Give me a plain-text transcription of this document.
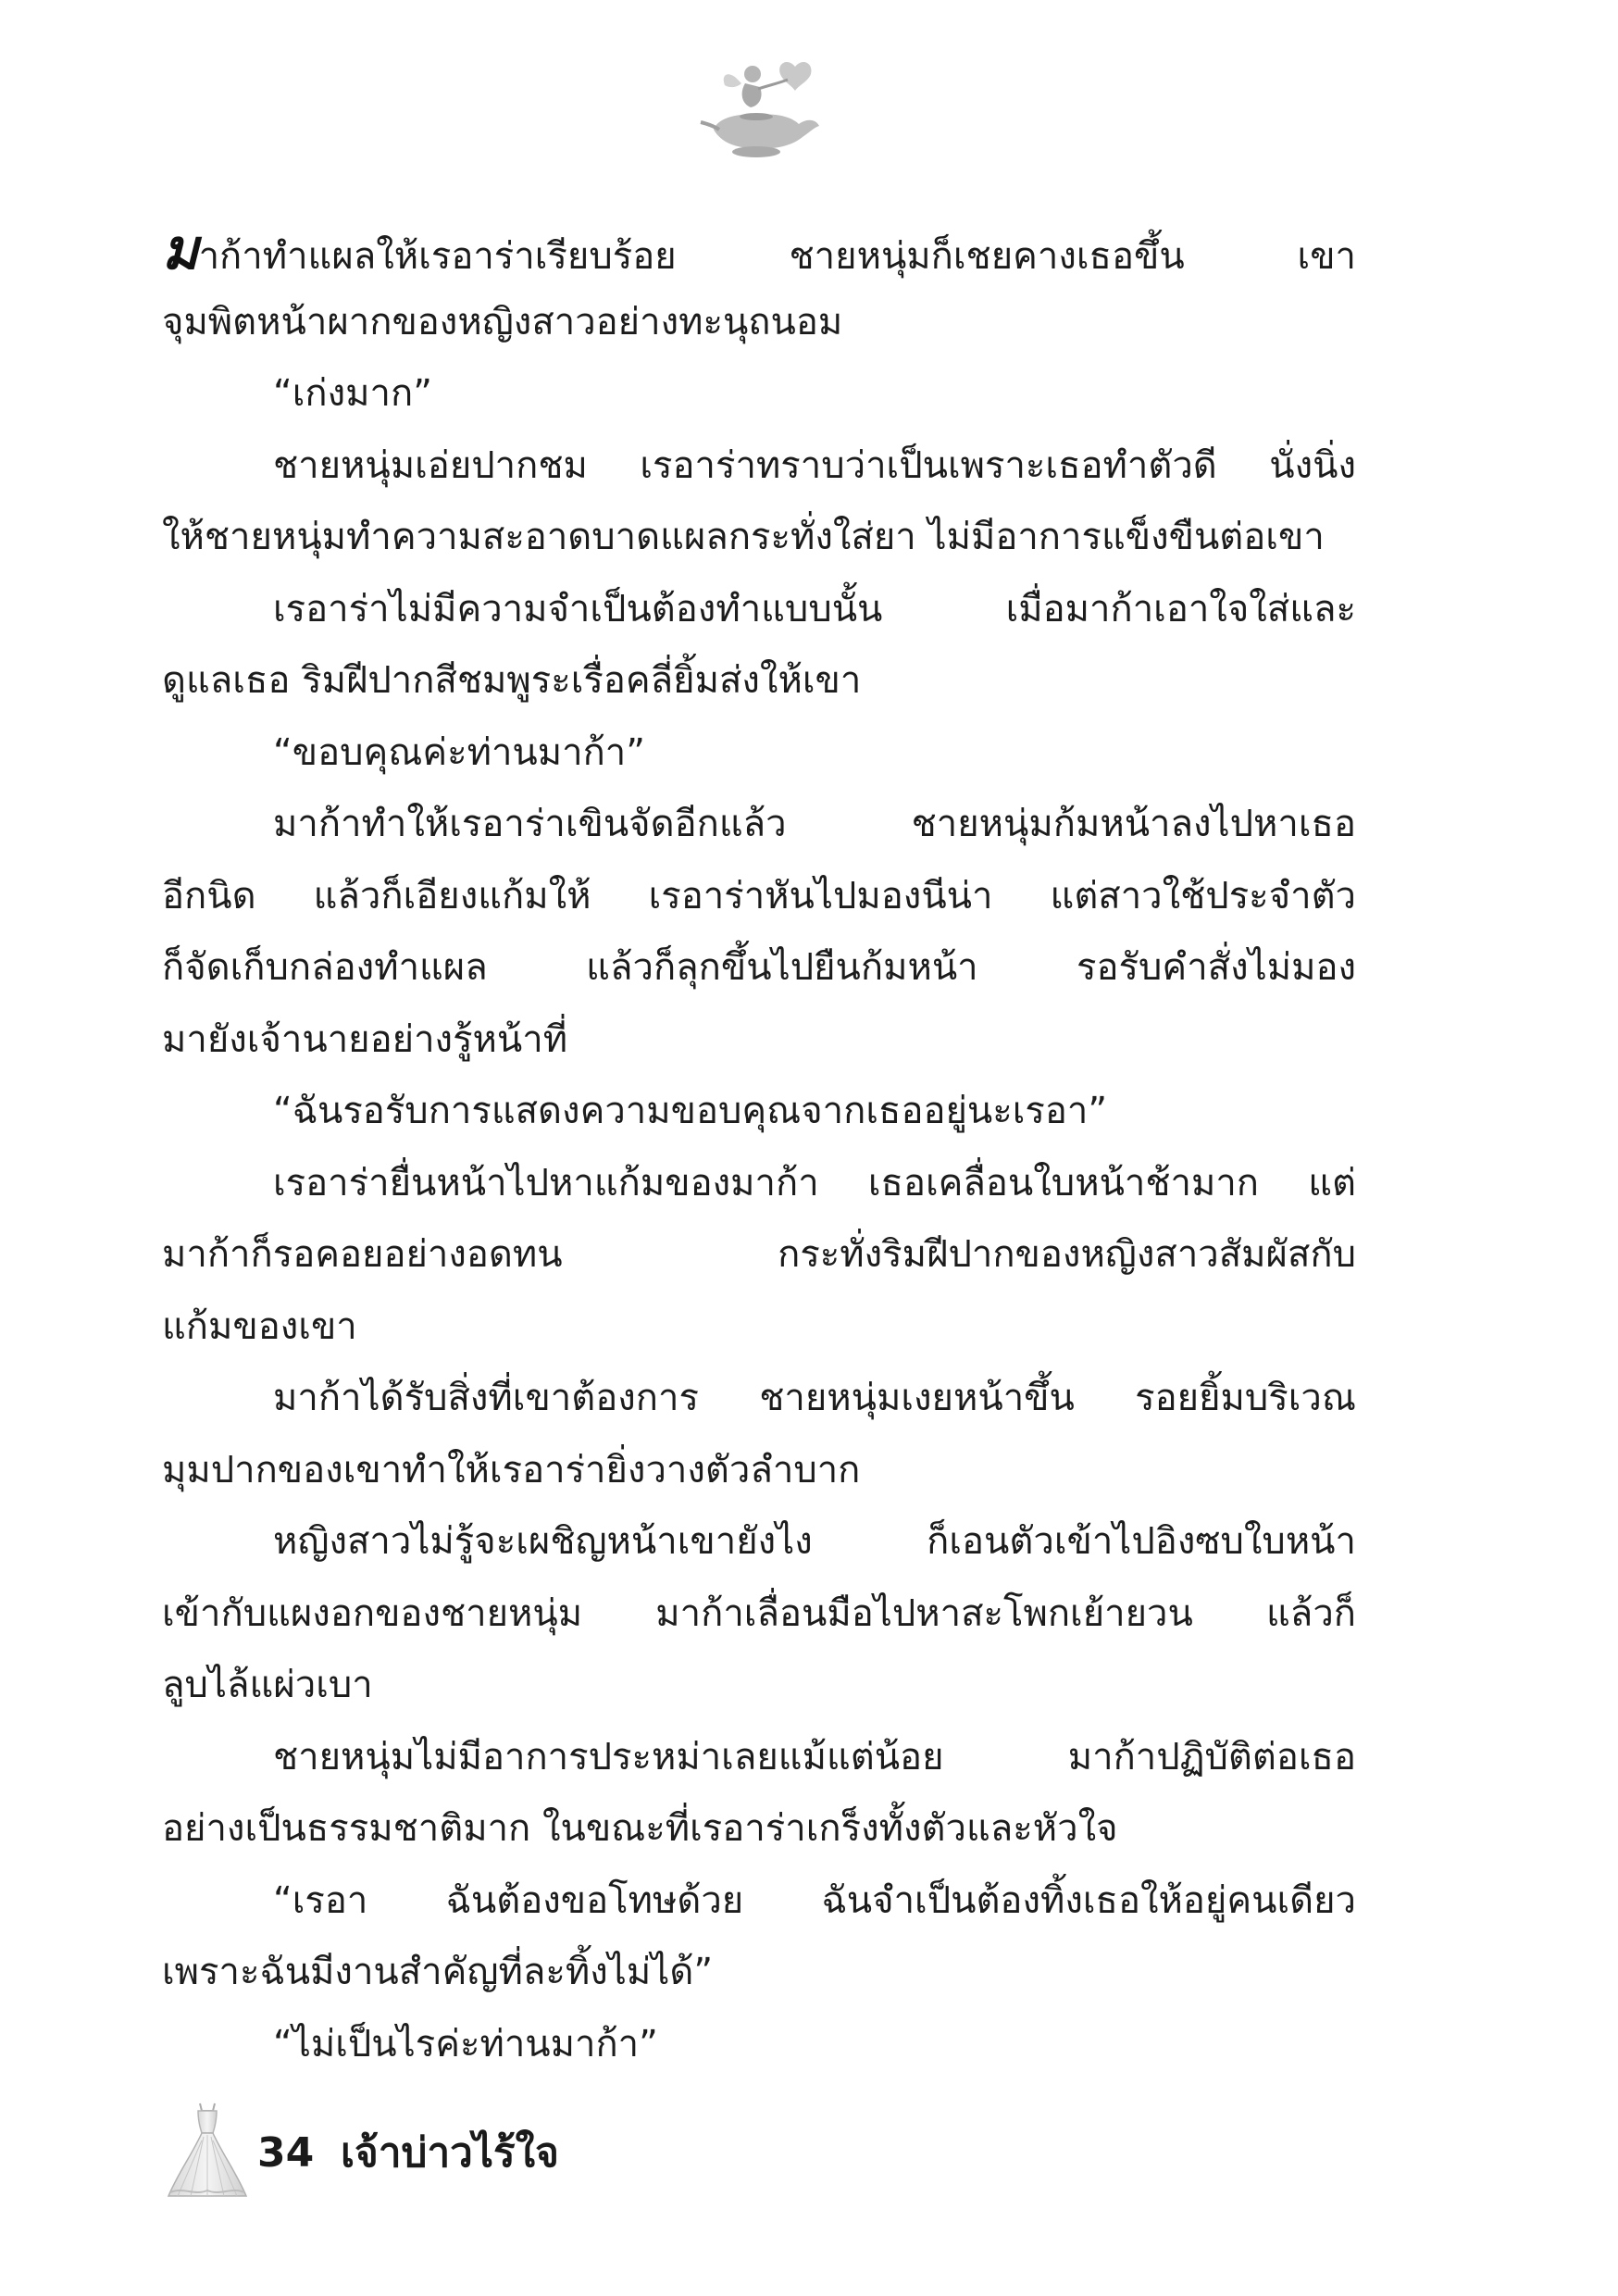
มาก้าทำแผลให้เรอาร่าเรียบร้อย ชายหนุ่มก็เชยคางเธอขึ้น เขา
จุมพิตหน้าผากของหญิงสาวอย่างทะนุถนอม
“เก่งมาก”
ชายหนุ่มเอ่ยปากชม เรอาร่าทราบว่าเป็นเพราะเธอทำตัวดี นั่งนิ่ง
ให้ชายหนุ่มทำความสะอาดบาดแผลกระทั่งใส่ยา ไม่มีอาการแข็งขืนต่อเขา
เรอาร่าไม่มีความจำเป็นต้องทำแบบนั้น เมื่อมาก้าเอาใจใส่และ
ดูแลเธอ ริมฝีปากสีชมพูระเรื่อคลี่ยิ้มส่งให้เขา
“ขอบคุณค่ะท่านมาก้า”
มาก้าทำให้เรอาร่าเขินจัดอีกแล้ว ชายหนุ่มก้มหน้าลงไปหาเธอ
อีกนิด แล้วก็เอียงแก้มให้ เรอาร่าหันไปมองนีน่า แต่สาวใช้ประจำตัว
ก็จัดเก็บกล่องทำแผล แล้วก็ลุกขึ้นไปยืนก้มหน้า รอรับคำสั่งไม่มอง
มายังเจ้านายอย่างรู้หน้าที่
“ฉันรอรับการแสดงความขอบคุณจากเธออยู่นะเรอา”
เรอาร่ายื่นหน้าไปหาแก้มของมาก้า เธอเคลื่อนใบหน้าช้ามาก แต่
มาก้าก็รอคอยอย่างอดทน กระทั่งริมฝีปากของหญิงสาวสัมผัสกับ
แก้มของเขา
มาก้าได้รับสิ่งที่เขาต้องการ ชายหนุ่มเงยหน้าขึ้น รอยยิ้มบริเวณ
มุมปากของเขาทำให้เรอาร่ายิ่งวางตัวลำบาก
หญิงสาวไม่รู้จะเผชิญหน้าเขายังไง ก็เอนตัวเข้าไปอิงซบใบหน้า
เข้ากับแผงอกของชายหนุ่ม มาก้าเลื่อนมือไปหาสะโพกเย้ายวน แล้วก็
ลูบไล้แผ่วเบา
ชายหนุ่มไม่มีอาการประหม่าเลยแม้แต่น้อย มาก้าปฏิบัติต่อเธอ
อย่างเป็นธรรมชาติมาก ในขณะที่เรอาร่าเกร็งทั้งตัวและหัวใจ
“เรอา ฉันต้องขอโทษด้วย ฉันจำเป็นต้องทิ้งเธอให้อยู่คนเดียว
เพราะฉันมีงานสำคัญที่ละทิ้งไม่ได้”
“ไม่เป็นไรค่ะท่านมาก้า”
34 เจ้าบ่าวไร้ใจ
